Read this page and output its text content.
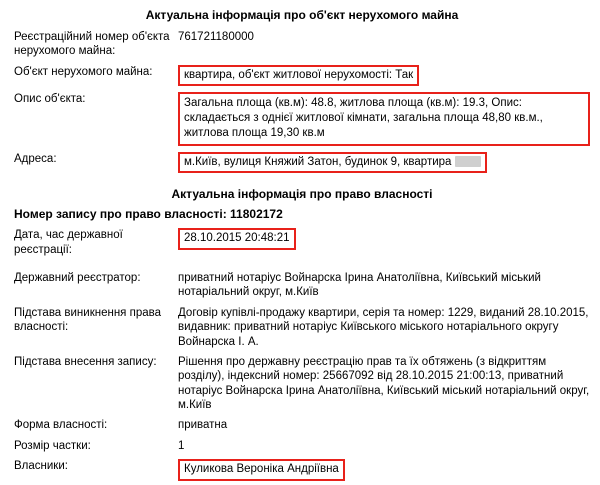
Актуальна інформація про об'єкт нерухомого майна
Реєстраційний номер об'єкта нерухомого майна:	761721180000
Об'єкт нерухомого майна:	квартира, об'єкт житлової нерухомості: Так
Опис об'єкта:	Загальна площа (кв.м): 48.8, житлова площа (кв.м): 19.3, Опис: складається з однієї житлової кімнати, загальна площа 48,80 кв.м., житлова площа 19,30 кв.м

Адреса:	м.Київ, вулиця Княжий Затон, будинок 9, квартира
Актуальна інформація про право власності
Номер запису про право власності: 11802172
Дата, час державної реєстрації:	28.10.2015 20:48:21

Державний реєстратор:	приватний нотаріус Войнарска Ірина Анатоліївна, Київський міський нотаріальний округ, м.Київ
Підстава виникнення права власності:	Договір купівлі-продажу квартири, серія та номер: 1229, виданий 28.10.2015, видавник: приватний нотаріус Київського міського нотаріального округу Войнарска І. А.
Підстава внесення запису:	Рішення про державну реєстрацію прав та їх обтяжень (з відкриттям розділу), індексний номер: 25667092 від 28.10.2015 21:00:13, приватний нотаріус Войнарска Ірина Анатоліївна, Київський міський нотаріальний округ, м.Київ
Форма власності:	приватна
Розмір частки:	1
Власники:	Куликова Вероніка Андріївна
